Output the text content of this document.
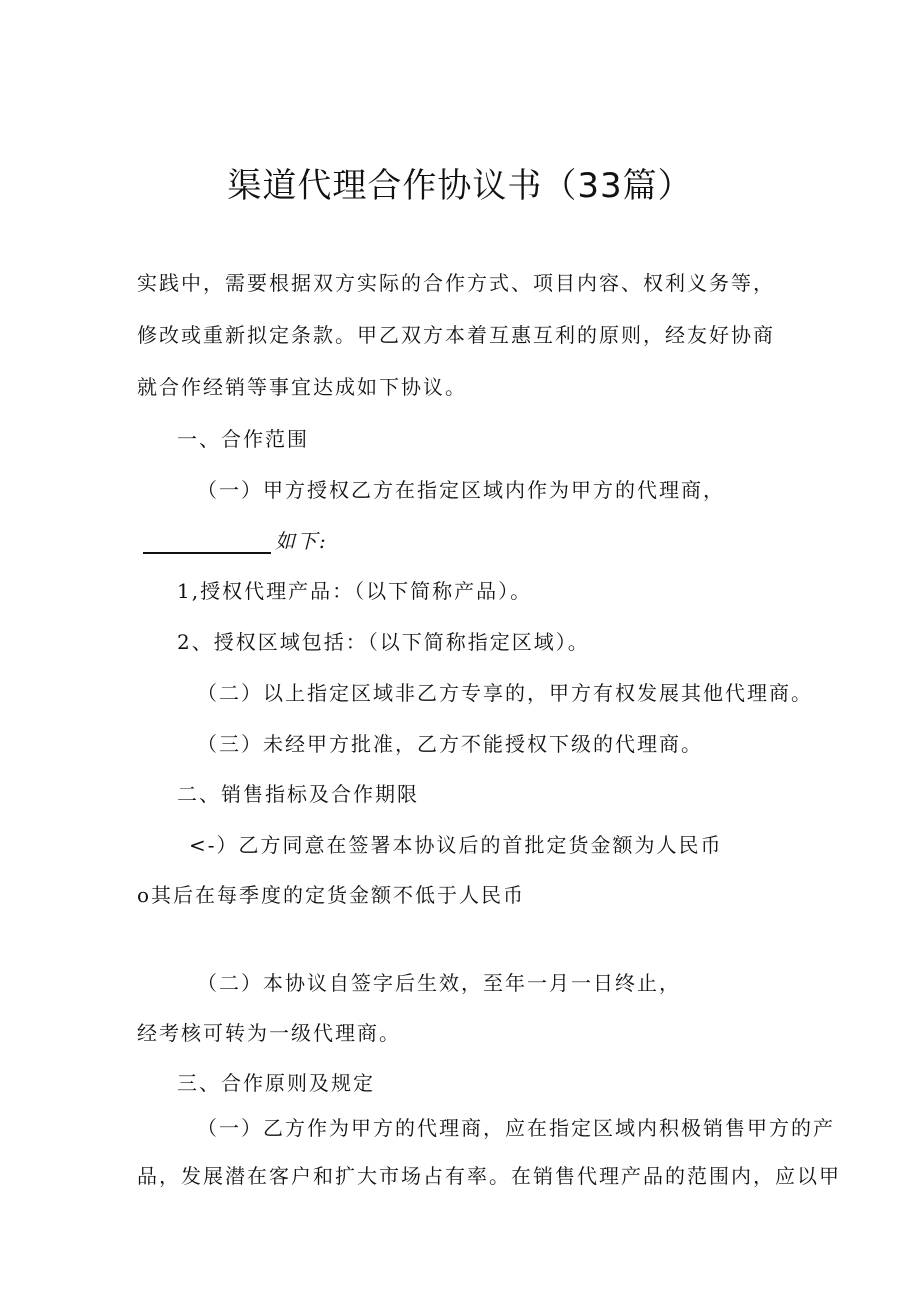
渠道代理合作协议书（33篇）
实践中，需要根据双方实际的合作方式、项目内容、权利义务等，
修改或重新拟定条款。甲乙双方本着互惠互利的原则，经友好协商
就合作经销等事宜达成如下协议。
一、合作范围
（一）甲方授权乙方在指定区域内作为甲方的代理商，
如下:
1,授权代理产品：（以下简称产品）。
2、授权区域包括：（以下简称指定区域）。
（二）以上指定区域非乙方专享的，甲方有权发展其他代理商。
（三）未经甲方批准，乙方不能授权下级的代理商。
二、销售指标及合作期限
<-）乙方同意在签署本协议后的首批定货金额为人民币
o其后在每季度的定货金额不低于人民币
（二）本协议自签字后生效，至年一月一日终止，
经考核可转为一级代理商。
三、合作原则及规定
（一）乙方作为甲方的代理商，应在指定区域内积极销售甲方的产
品，发展潜在客户和扩大市场占有率。在销售代理产品的范围内，应以甲
